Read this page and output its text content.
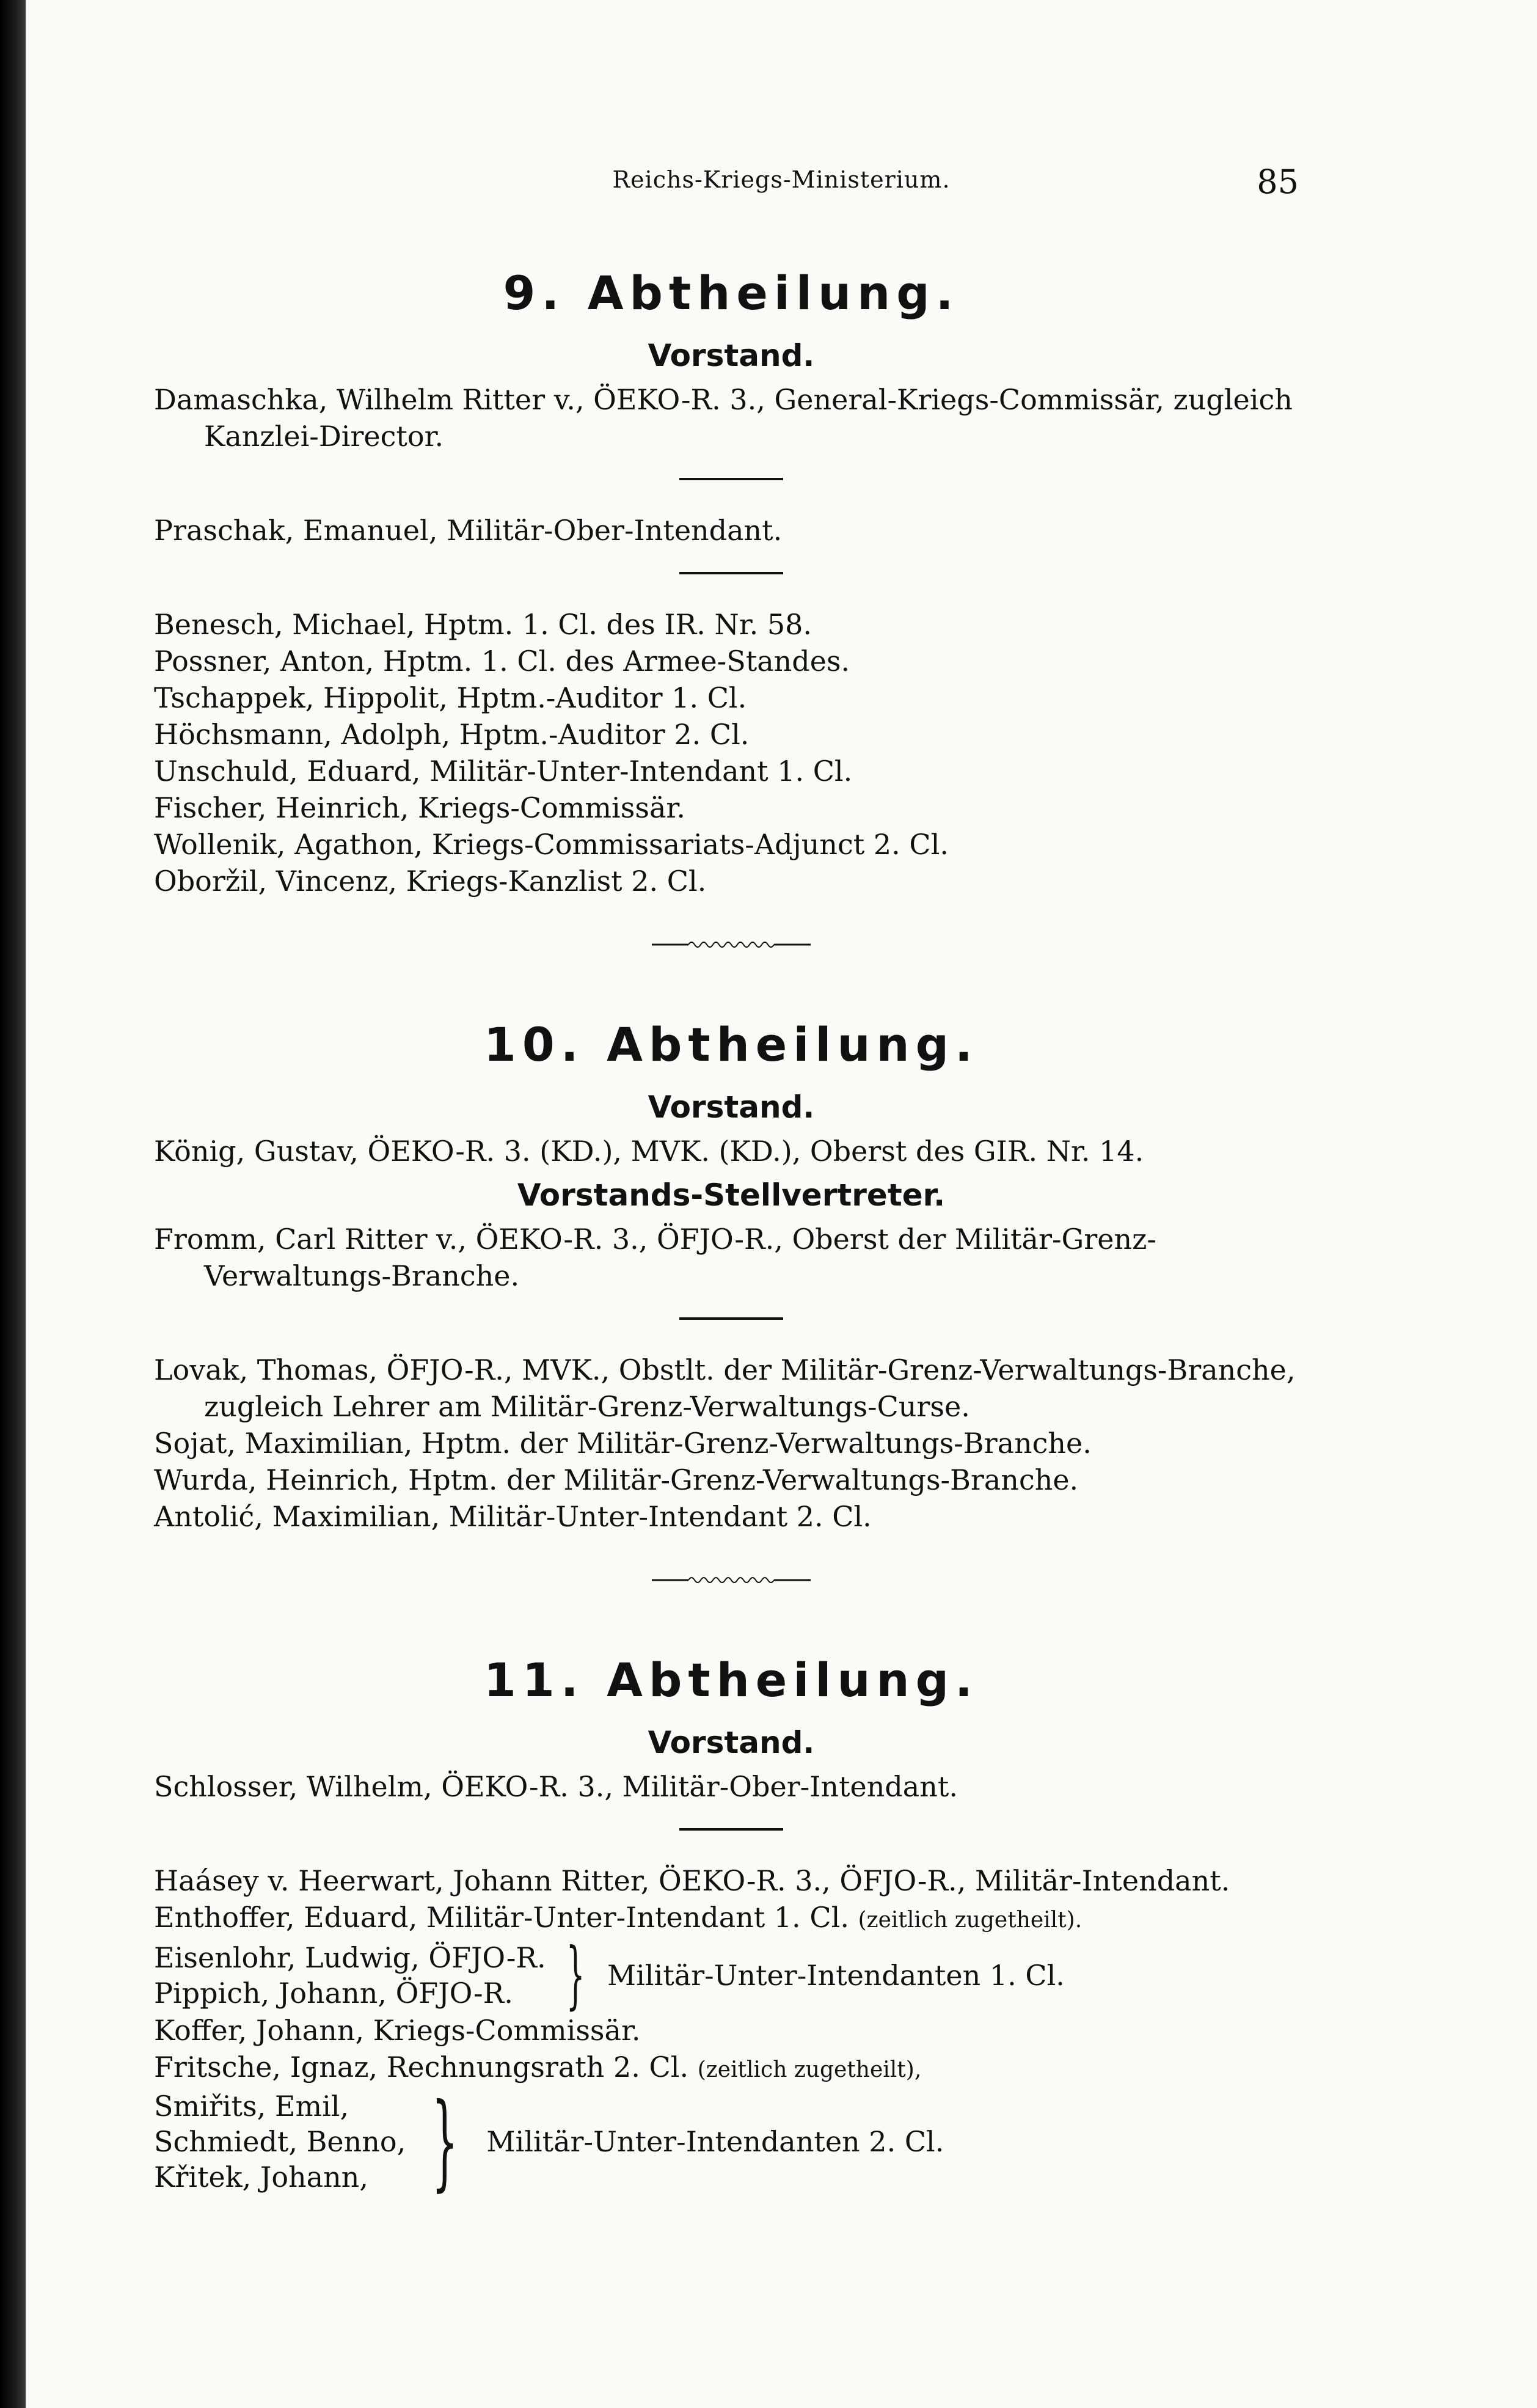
Reichs-Kriegs-Ministerium.	85

9. Abtheilung.

Vorstand.

Damaschka, Wilhelm Ritter v., ÖEKO-R. 3., General-Kriegs-Commissär, zugleich Kanzlei-Director.

Praschak, Emanuel, Militär-Ober-Intendant.

Benesch, Michael, Hptm. 1. Cl. des IR. Nr. 58.

Possner, Anton, Hptm. 1. Cl. des Armee-Standes.

Tschappek, Hippolit, Hptm.-Auditor 1. Cl.

Höchsmann, Adolph, Hptm.-Auditor 2. Cl.

Unschuld, Eduard, Militär-Unter-Intendant 1. Cl.

Fischer, Heinrich, Kriegs-Commissär.

Wollenik, Agathon, Kriegs-Commissariats-Adjunct 2. Cl.

Oboržil, Vincenz, Kriegs-Kanzlist 2. Cl.

10. Abtheilung.

Vorstand.

König, Gustav, ÖEKO-R. 3. (KD.), MVK. (KD.), Oberst des GIR. Nr. 14.

Vorstands-Stellvertreter.

Fromm, Carl Ritter v., ÖEKO-R. 3., ÖFJO-R., Oberst der Militär-Grenz-Verwaltungs-Branche.

Lovak, Thomas, ÖFJO-R., MVK., Obstlt. der Militär-Grenz-Verwaltungs-Branche, zugleich Lehrer am Militär-Grenz-Verwaltungs-Curse.

Sojat, Maximilian, Hptm. der Militär-Grenz-Verwaltungs-Branche.

Wurda, Heinrich, Hptm. der Militär-Grenz-Verwaltungs-Branche.

Antolić, Maximilian, Militär-Unter-Intendant 2. Cl.

11. Abtheilung.

Vorstand.

Schlosser, Wilhelm, ÖEKO-R. 3., Militär-Ober-Intendant.

Haásey v. Heerwart, Johann Ritter, ÖEKO-R. 3., ÖFJO-R., Militär-Intendant.

Enthoffer, Eduard, Militär-Unter-Intendant 1. Cl. (zeitlich zugetheilt).

Eisenlohr, Ludwig, ÖFJO-R.
Pippich, Johann, ÖFJO-R. } Militär-Unter-Intendanten 1. Cl.

Koffer, Johann, Kriegs-Commissär.

Fritsche, Ignaz, Rechnungsrath 2. Cl. (zeitlich zugetheilt),

Smiřits, Emil,
Schmiedt, Benno,
Křitek, Johann, } Militär-Unter-Intendanten 2. Cl.
